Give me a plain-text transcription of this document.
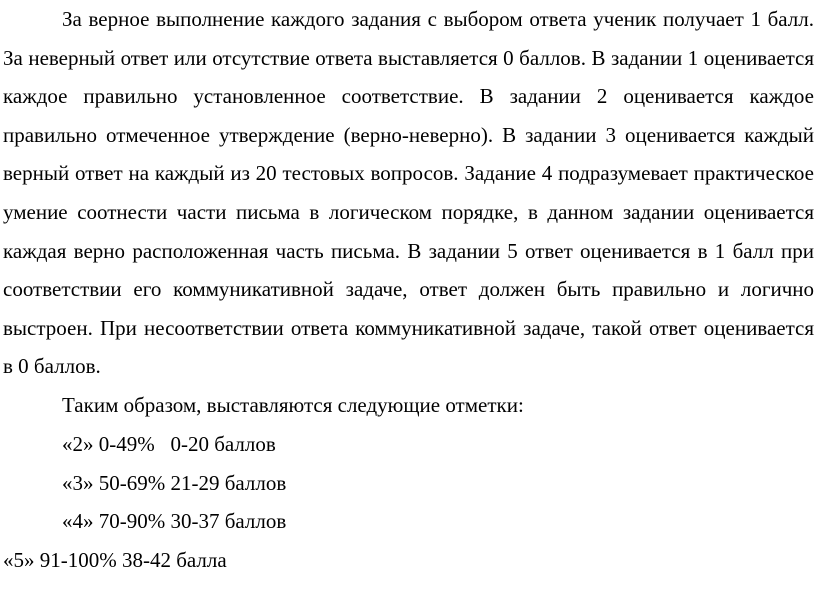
За верное выполнение каждого задания с выбором ответа ученик получает 1 балл. За неверный ответ или отсутствие ответа выставляется 0 баллов. В задании 1 оценивается каждое правильно установленное соответствие. В задании 2 оценивается каждое правильно отмеченное утверждение (верно-неверно). В задании 3 оценивается каждый верный ответ на каждый из 20 тестовых вопросов. Задание 4 подразумевает практическое умение соотнести части письма в логическом порядке, в данном задании оценивается каждая верно расположенная часть письма. В задании 5 ответ оценивается в 1 балл при соответствии его коммуникативной задаче, ответ должен быть правильно и логично выстроен. При несоответствии ответа коммуникативной задаче, такой ответ оценивается в 0 баллов.

Таким образом, выставляются следующие отметки:

«2» 0-49%   0-20 баллов

«3» 50-69% 21-29 баллов

«4» 70-90% 30-37 баллов

«5» 91-100% 38-42 балла
